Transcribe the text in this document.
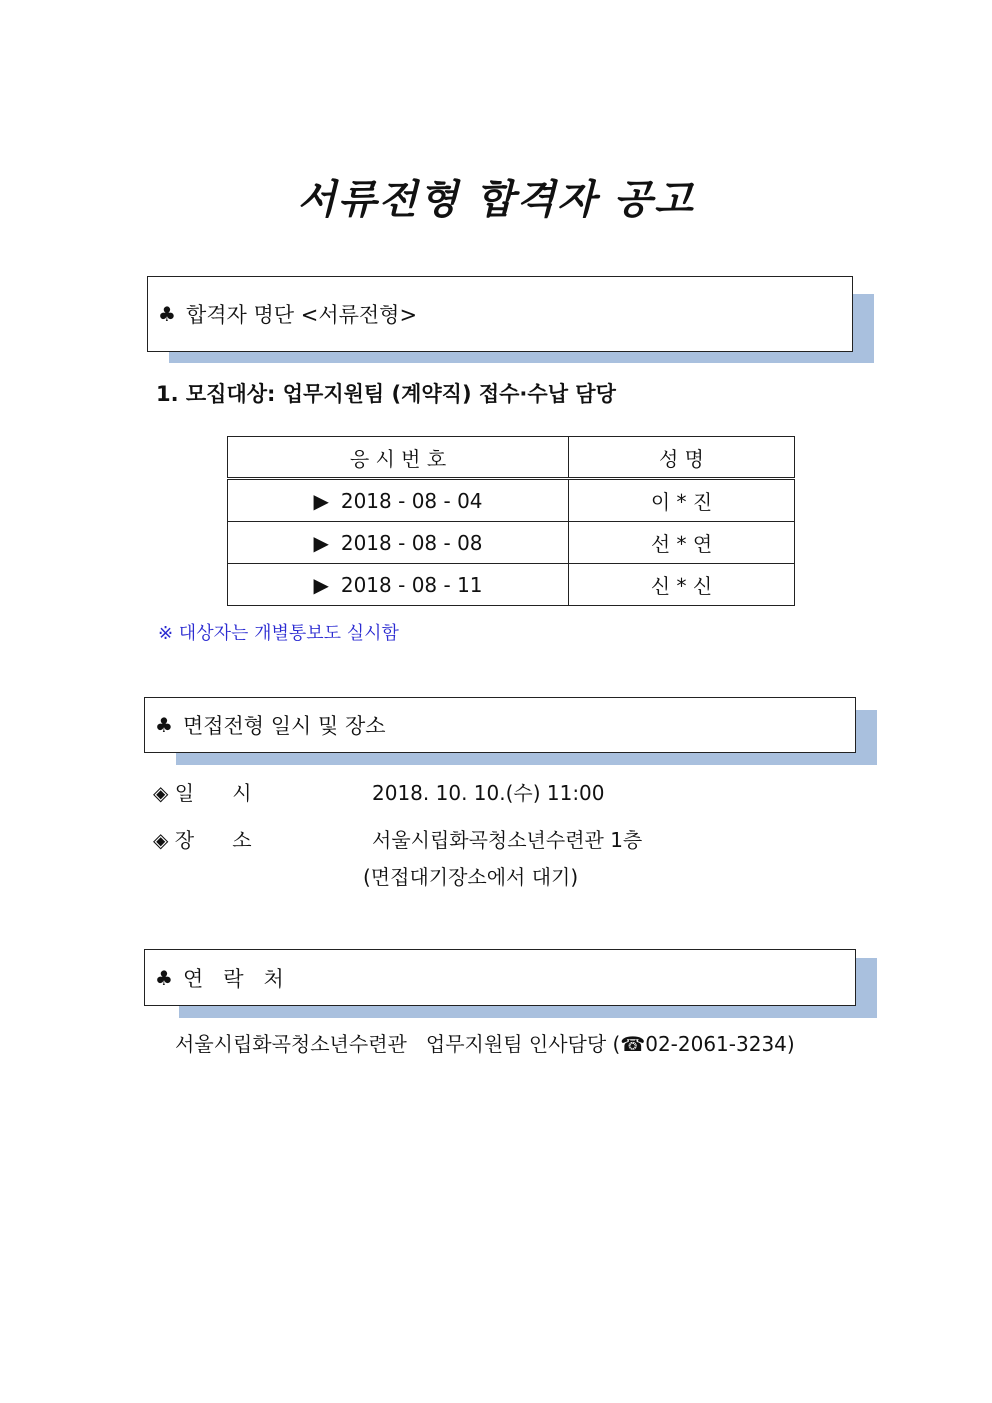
서류전형 합격자 공고
♣ 합격자 명단 <서류전형>
1. 모집대상: 업무지원팀 (계약직) 접수·수납 담당
응 시 번 호	성 명
▶ 2018 - 08 - 04	이 * 진
▶ 2018 - 08 - 08	선 * 연
▶ 2018 - 08 - 11	신 * 신
※ 대상자는 개별통보도 실시함
♣ 면접전형 일시 및 장소
◈ 일      시	2018. 10. 10.(수) 11:00
◈ 장      소	서울시립화곡청소년수련관 1층
(면접대기장소에서 대기)
♣ 연   락   처
서울시립화곡청소년수련관   업무지원팀 인사담당 (☎02-2061-3234)
